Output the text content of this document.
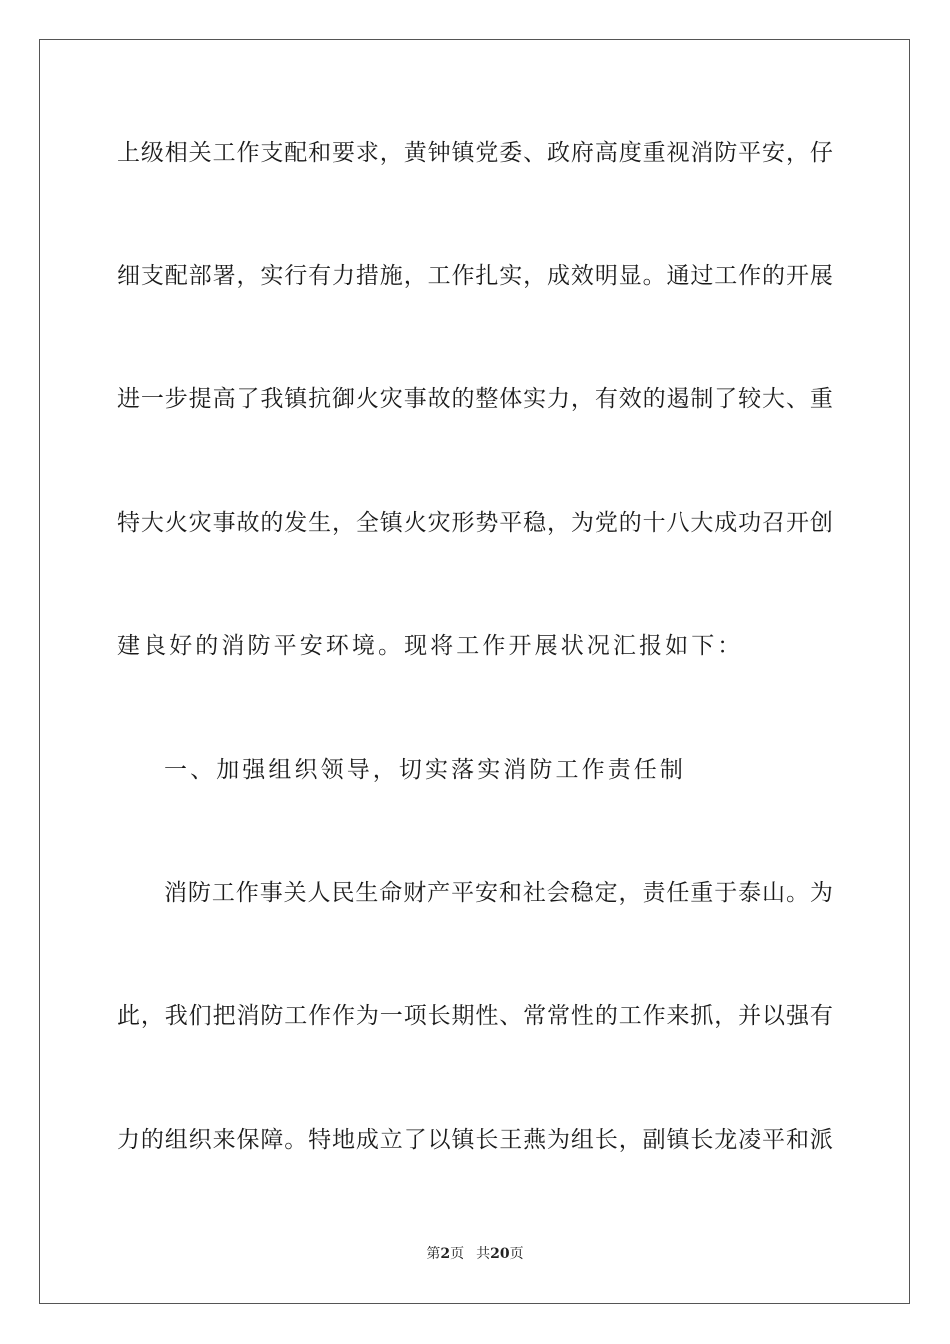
上 级 相 关 工 作 支 配 和 要 求 ， 黄 钟 镇 党 委 、 政 府 高 度 重 视 消 防 平 安 ， 仔
细 支 配 部 署 ， 实 行 有 力 措 施 ， 工 作 扎 实 ， 成 效 明 显 。 通 过 工 作 的 开 展
进 一 步 提 高 了 我 镇 抗 御 火 灾 事 故 的 整 体 实 力 ， 有 效 的 遏 制 了 较 大 、 重
特 大 火 灾 事 故 的 发 生 ， 全 镇 火 灾 形 势 平 稳 ， 为 党 的 十 八 大 成 功 召 开 创
建良好的消防平安环境。现将工作开展状况汇报如下：
一、加强组织领导，切实落实消防工作责任制
消 防 工 作 事 关 人 民 生 命 财 产 平 安 和 社 会 稳 定 ， 责 任 重 于 泰 山 。 为
此 ， 我 们 把 消 防 工 作 作 为 一 项 长 期 性 、 常 常 性 的 工 作 来 抓 ， 并 以 强 有
力 的 组 织 来 保 障 。 特 地 成 立 了 以 镇 长 王 燕 为 组 长 ， 副 镇 长 龙 凌 平 和 派
第2页 共20页
